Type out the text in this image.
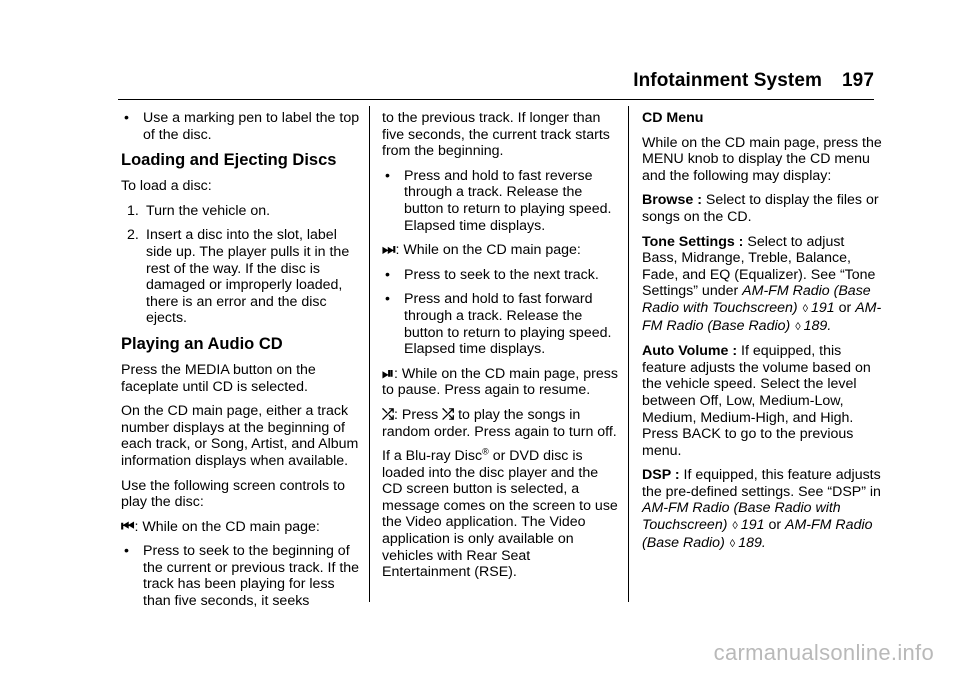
Infotainment System 197
• Use a marking pen to label the top of the disc.
Loading and Ejecting Discs

To load a disc:

1. Turn the vehicle on.
2. Insert a disc into the slot, label side up. The player pulls it in the rest of the way. If the disc is damaged or improperly loaded, there is an error and the disc ejects.
Playing an Audio CD

Press the MEDIA button on the faceplate until CD is selected.

On the CD main page, either a track number displays at the beginning of each track, or Song, Artist, and Album information displays when available.

Use the following screen controls to play the disc:

⏮: While on the CD main page:

• Press to seek to the beginning of the current or previous track. If the track has been playing for less than five seconds, it seeks

to the previous track. If longer than five seconds, the current track starts from the beginning.

• Press and hold to fast reverse through a track. Release the button to return to playing speed. Elapsed time displays.

⏭: While on the CD main page:

• Press to seek to the next track.
• Press and hold to fast forward through a track. Release the button to return to playing speed. Elapsed time displays.

⏯: While on the CD main page, press to pause. Press again to resume.

⤮: Press ⤮ to play the songs in random order. Press again to turn off.

If a Blu-ray Disc® or DVD disc is loaded into the disc player and the CD screen button is selected, a message comes on the screen to use the Video application. The Video application is only available on vehicles with Rear Seat Entertainment (RSE).

CD Menu

While on the CD main page, press the MENU knob to display the CD menu and the following may display:

Browse : Select to display the files or songs on the CD.

Tone Settings : Select to adjust Bass, Midrange, Treble, Balance, Fade, and EQ (Equalizer). See “Tone Settings” under AM-FM Radio (Base Radio with Touchscreen) ◊ 191 or AM-FM Radio (Base Radio) ◊ 189.

Auto Volume : If equipped, this feature adjusts the volume based on the vehicle speed. Select the level between Off, Low, Medium-Low, Medium, Medium-High, and High. Press BACK to go to the previous menu.

DSP : If equipped, this feature adjusts the pre-defined settings. See “DSP” in AM-FM Radio (Base Radio with Touchscreen) ◊ 191 or AM-FM Radio (Base Radio) ◊ 189.

carmanualsonline.info
